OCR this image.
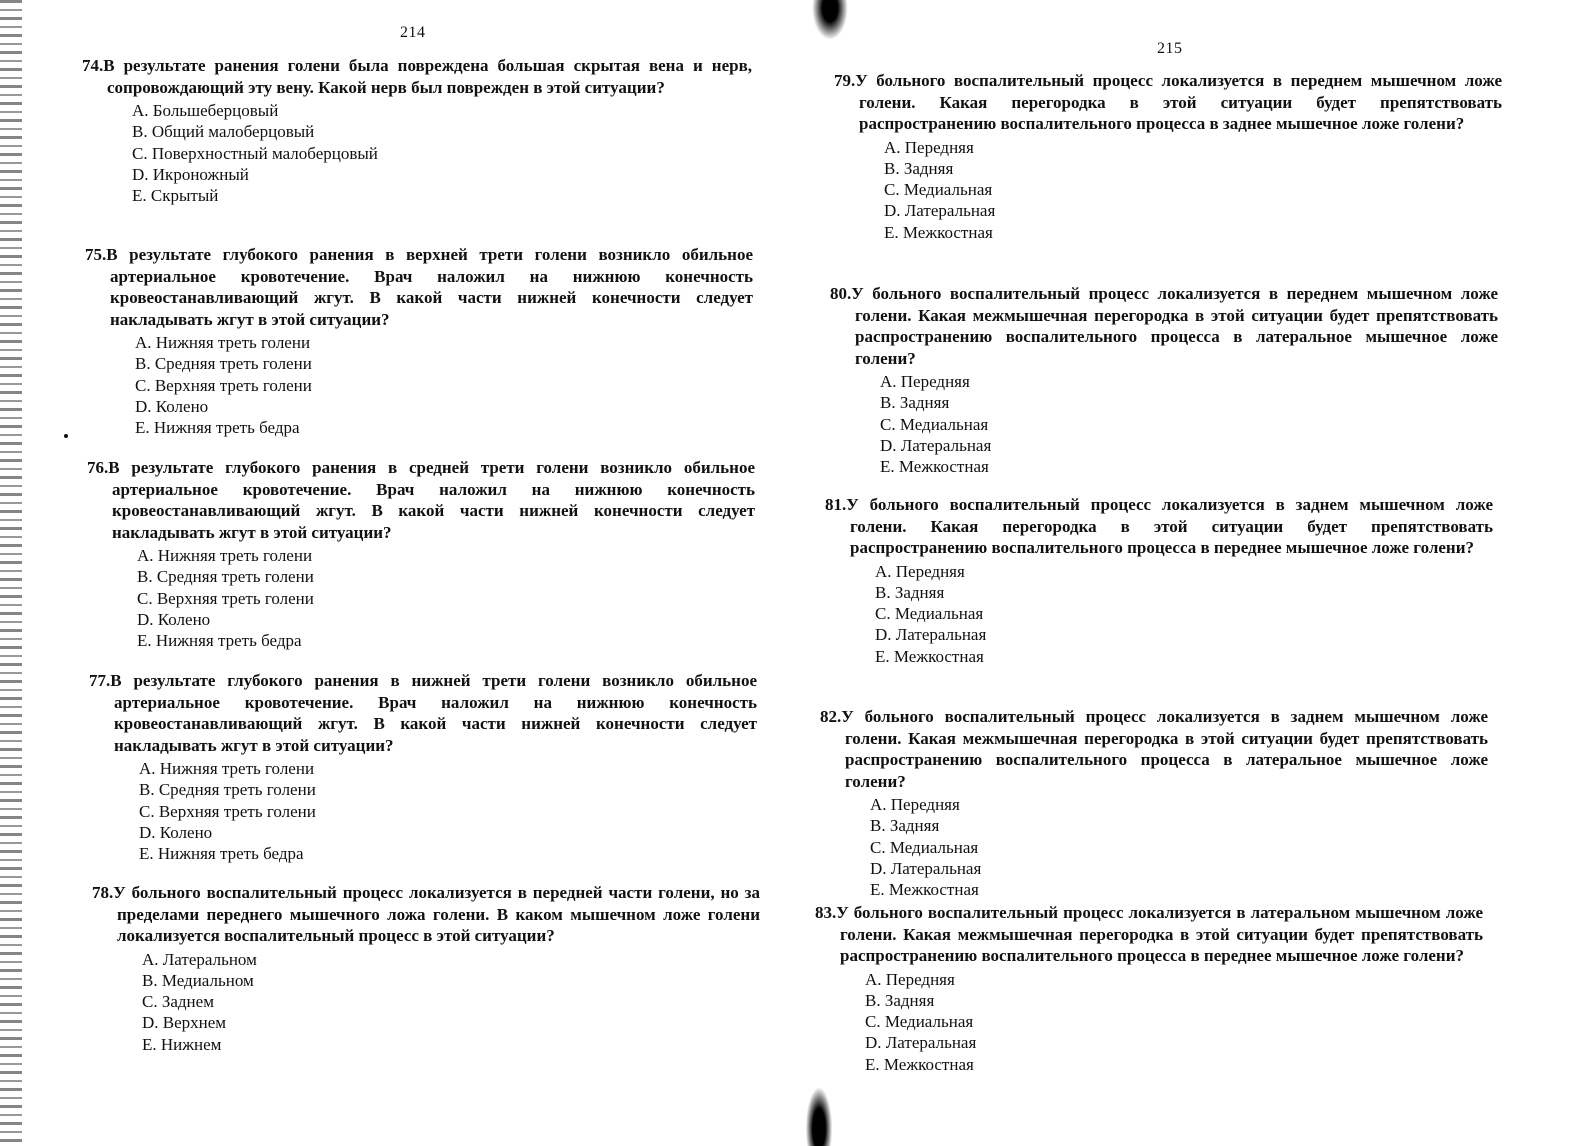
214
74.В результате ранения голени была повреждена большая скрытая вена и нерв, сопровождающий эту вену. Какой нерв был поврежден в этой ситуации?
A. Большеберцовый
B. Общий малоберцовый
C. Поверхностный малоберцовый
D. Икроножный
E. Скрытый
75.В результате глубокого ранения в верхней трети голени возникло обильное артериальное кровотечение. Врач наложил на нижнюю конечность кровеостанавливающий жгут. В какой части нижней конечности следует накладывать жгут в этой ситуации?
A. Нижняя треть голени
B. Средняя треть голени
C. Верхняя треть голени
D. Колено
E. Нижняя треть бедра
76.В результате глубокого ранения в средней трети голени возникло обильное артериальное кровотечение. Врач наложил на нижнюю конечность кровеостанавливающий жгут. В какой части нижней конечности следует накладывать жгут в этой ситуации?
A. Нижняя треть голени
B. Средняя треть голени
C. Верхняя треть голени
D. Колено
E. Нижняя треть бедра
77.В результате глубокого ранения в нижней трети голени возникло обильное артериальное кровотечение. Врач наложил на нижнюю конечность кровеостанавливающий жгут. В какой части нижней конечности следует накладывать жгут в этой ситуации?
A. Нижняя треть голени
B. Средняя треть голени
C. Верхняя треть голени
D. Колено
E. Нижняя треть бедра
78.У больного воспалительный процесс локализуется в передней части голени, но за пределами переднего мышечного ложа голени. В каком мышечном ложе голени локализуется воспалительный процесс в этой ситуации?
A. Латеральном
B. Медиальном
C. Заднем
D. Верхнем
E. Нижнем
215
79.У больного воспалительный процесс локализуется в переднем мышечном ложе голени. Какая перегородка в этой ситуации будет препятствовать распространению воспалительного процесса в заднее мышечное ложе голени?
A. Передняя
B. Задняя
C. Медиальная
D. Латеральная
E. Межкостная
80.У больного воспалительный процесс локализуется в переднем мышечном ложе голени. Какая межмышечная перегородка в этой ситуации будет препятствовать распространению воспалительного процесса в латеральное мышечное ложе голени?
A. Передняя
B. Задняя
C. Медиальная
D. Латеральная
E. Межкостная
81.У больного воспалительный процесс локализуется в заднем мышечном ложе голени. Какая перегородка в этой ситуации будет препятствовать распространению воспалительного процесса в переднее мышечное ложе голени?
A. Передняя
B. Задняя
C. Медиальная
D. Латеральная
E. Межкостная
82.У больного воспалительный процесс локализуется в заднем мышечном ложе голени. Какая межмышечная перегородка в этой ситуации будет препятствовать распространению воспалительного процесса в латеральное мышечное ложе голени?
A. Передняя
B. Задняя
C. Медиальная
D. Латеральная
E. Межкостная
83.У больного воспалительный процесс локализуется в латеральном мышечном ложе голени. Какая межмышечная перегородка в этой ситуации будет препятствовать распространению воспалительного процесса в переднее мышечное ложе голени?
A. Передняя
B. Задняя
C. Медиальная
D. Латеральная
E. Межкостная
